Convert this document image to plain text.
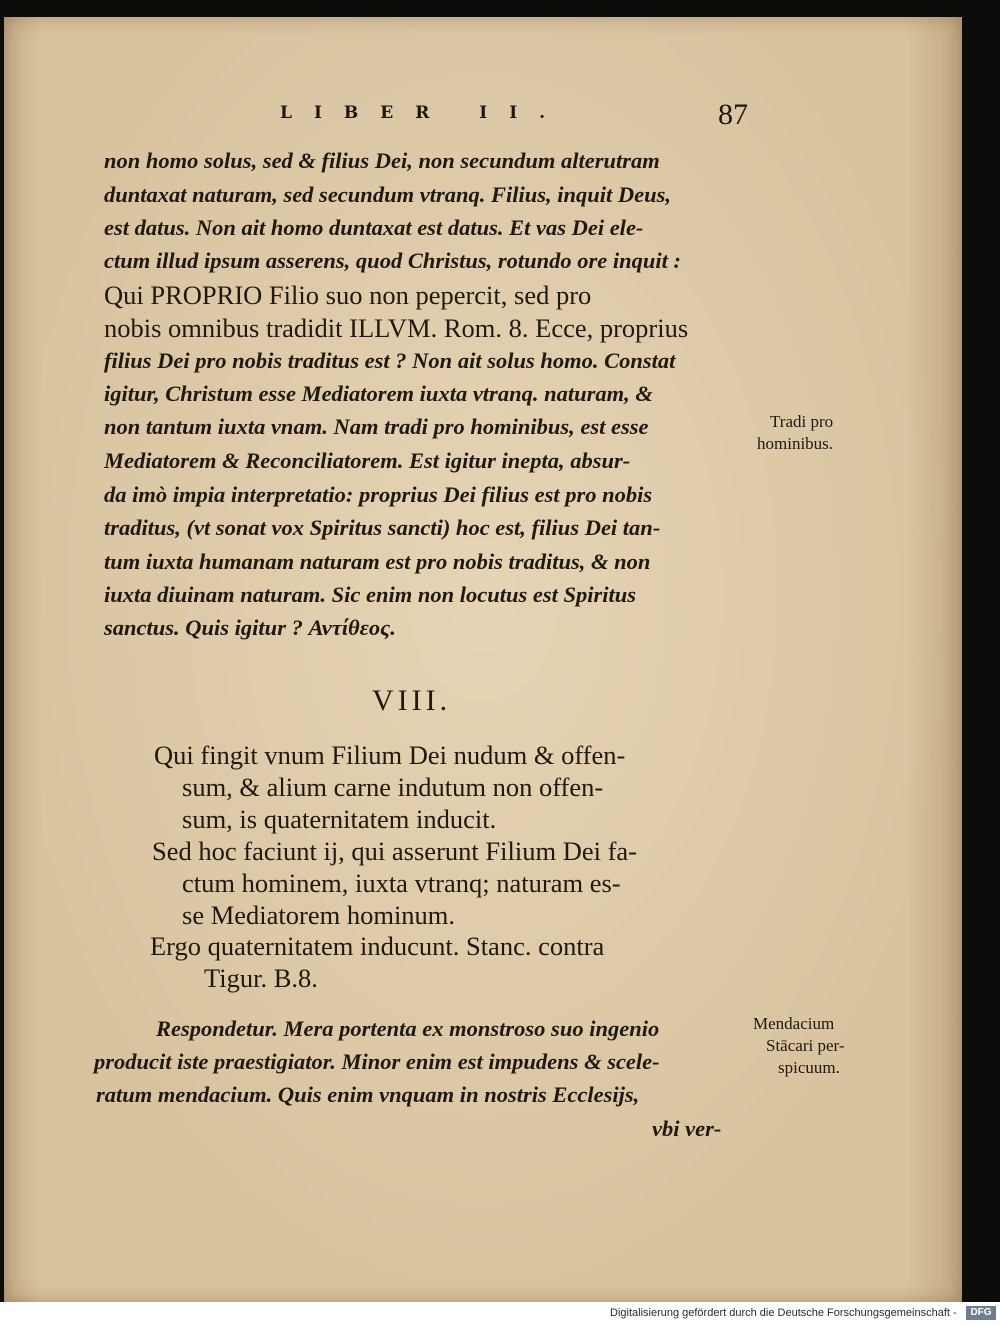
LIBER II.	87
non homo solus, sed & filius Dei, non secundum alterutram
duntaxat naturam, sed secundum vtranq. Filius, inquit Deus,
est datus. Non ait homo duntaxat est datus. Et vas Dei ele-
ctum illud ipsum asserens, quod Christus, rotundo ore inquit :
Qui PROPRIO Filio suo non pepercit, sed pro
nobis omnibus tradidit ILLVM. Rom. 8. Ecce, proprius
filius Dei pro nobis traditus est ? Non ait solus homo. Constat
igitur, Christum esse Mediatorem iuxta vtranq. naturam, &
non tantum iuxta vnam. Nam tradi pro hominibus, est esse
Mediatorem & Reconciliatorem. Est igitur inepta, absur-
da imò impia interpretatio: proprius Dei filius est pro nobis
traditus, (vt sonat vox Spiritus sancti) hoc est, filius Dei tan-
tum iuxta humanam naturam est pro nobis traditus, & non
iuxta diuinam naturam. Sic enim non locutus est Spiritus
sanctus. Quis igitur ? Αντίθεος.
Tradi pro
hominibus.
VIII.
Qui fingit vnum Filium Dei nudum & offen-
sum, & alium carne indutum non offen-
sum, is quaternitatem inducit.
Sed hoc faciunt ij, qui asserunt Filium Dei fa-
ctum hominem, iuxta vtranq; naturam es-
se Mediatorem hominum.
Ergo quaternitatem inducunt. Stanc. contra
Tigur. B.8.
Respondetur. Mera portenta ex monstroso suo ingenio
producit iste praestigiator. Minor enim est impudens & scele-
ratum mendacium. Quis enim vnquam in nostris Ecclesijs,
vbi ver-
Mendacium
Stācari per-
spicuum.
Digitalisierung gefördert durch die Deutsche Forschungsgemeinschaft -	DFG
